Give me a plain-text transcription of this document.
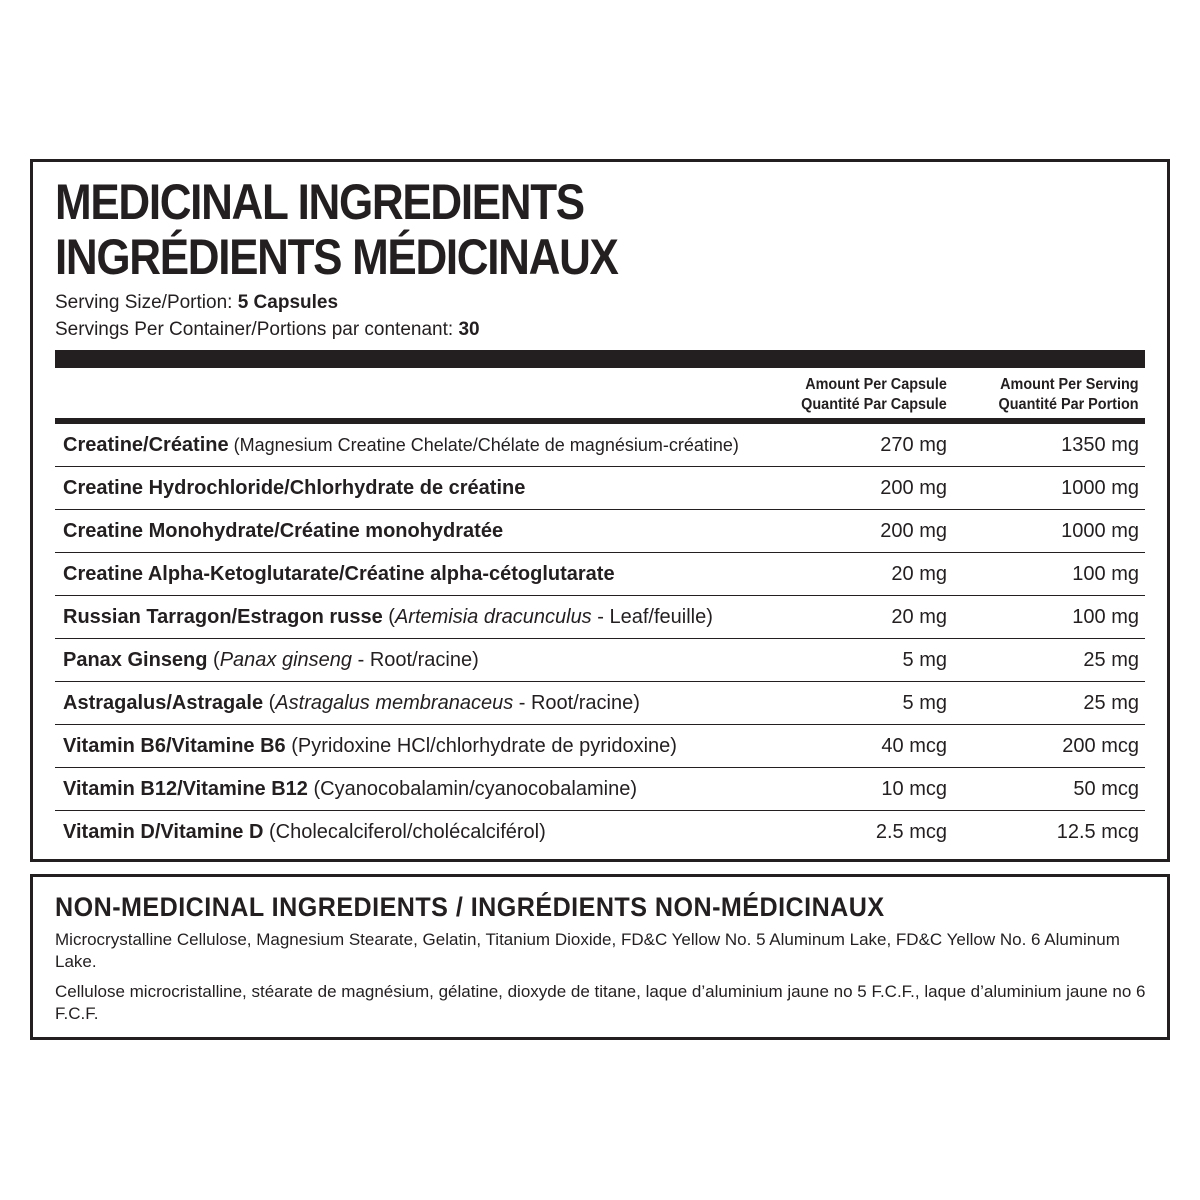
MEDICINAL INGREDIENTS
INGRÉDIENTS MÉDICINAUX
Serving Size/Portion: 5 Capsules
Servings Per Container/Portions par contenant: 30
Amount Per Capsule
Quantité Par Capsule
Amount Per Serving
Quantité Par Portion
Creatine/Créatine (Magnesium Creatine Chelate/Chélate de magnésium-créatine)	270 mg	1350 mg
Creatine Hydrochloride/Chlorhydrate de créatine	200 mg	1000 mg
Creatine Monohydrate/Créatine monohydratée	200 mg	1000 mg
Creatine Alpha-Ketoglutarate/Créatine alpha-cétoglutarate	20 mg	100 mg
Russian Tarragon/Estragon russe (Artemisia dracunculus - Leaf/feuille)	20 mg	100 mg
Panax Ginseng (Panax ginseng - Root/racine)	5 mg	25 mg
Astragalus/Astragale (Astragalus membranaceus - Root/racine)	5 mg	25 mg
Vitamin B6/Vitamine B6 (Pyridoxine HCl/chlorhydrate de pyridoxine)	40 mcg	200 mcg
Vitamin B12/Vitamine B12 (Cyanocobalamin/cyanocobalamine)	10 mcg	50 mcg
Vitamin D/Vitamine D (Cholecalciferol/cholécalciférol)	2.5 mcg	12.5 mcg
NON-MEDICINAL INGREDIENTS / INGRÉDIENTS NON-MÉDICINAUX
Microcrystalline Cellulose, Magnesium Stearate, Gelatin, Titanium Dioxide, FD&C Yellow No. 5 Aluminum Lake, FD&C Yellow No. 6 Aluminum Lake.
Cellulose microcristalline, stéarate de magnésium, gélatine, dioxyde de titane, laque d’aluminium jaune no 5 F.C.F., laque d’aluminium jaune no 6 F.C.F.
